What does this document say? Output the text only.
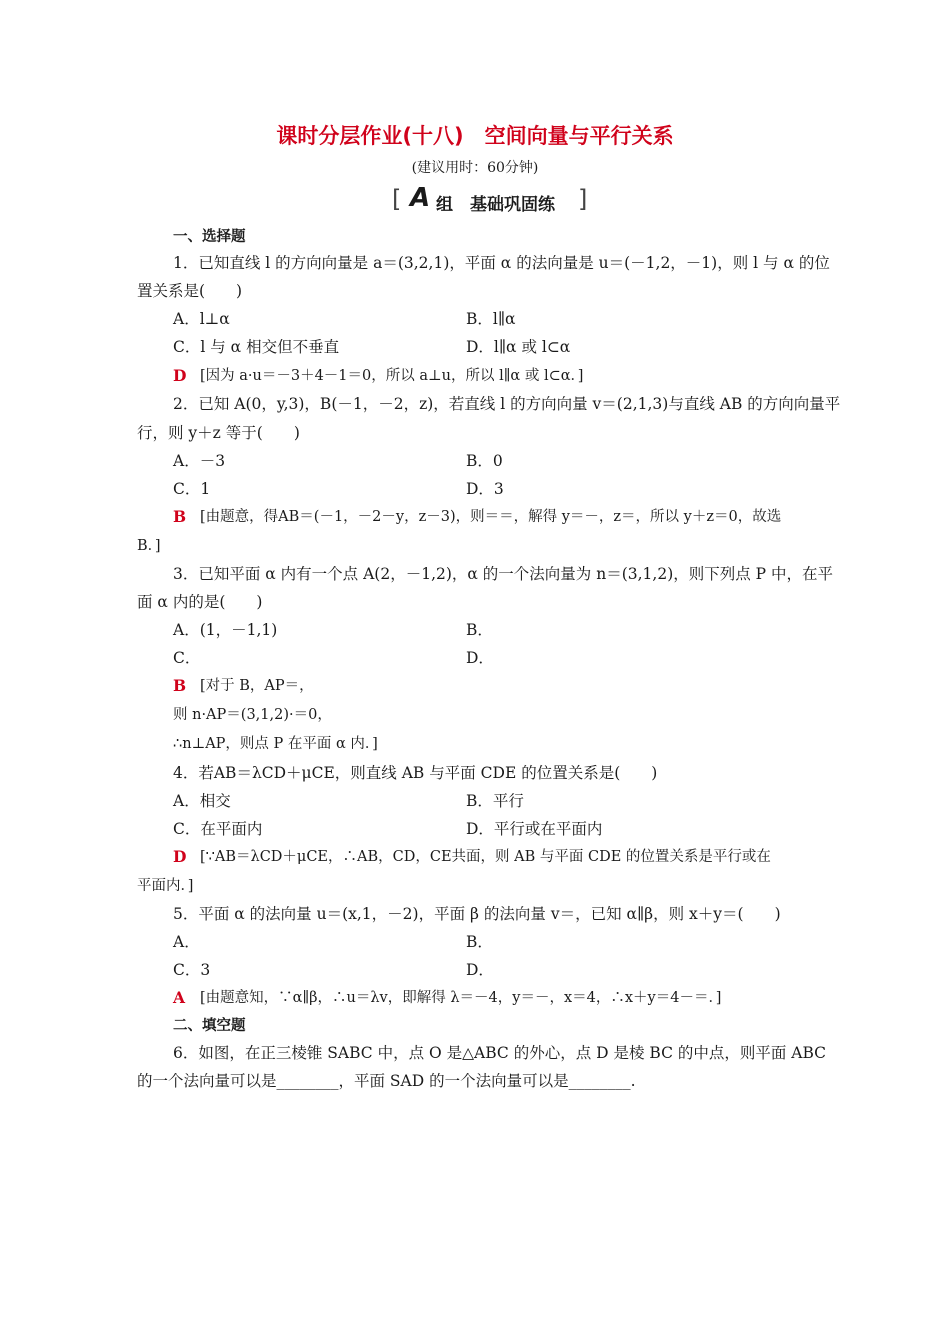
课时分层作业(十八)　空间向量与平行关系
(建议用时：60分钟)
[ A 组　基础巩固练 ]
一、选择题
1．已知直线 l 的方向向量是 a＝(3,2,1)，平面 α 的法向量是 u＝(－1,2，－1)，则 l 与 α 的位
置关系是(　　)
A．l⊥α	B．l∥α
C．l 与 α 相交但不垂直	D．l∥α 或 l⊂α
D [因为 a·u＝－3＋4－1＝0，所以 a⊥u，所以 l∥α 或 l⊂α．]
2．已知 A(0，y,3)，B(－1，－2，z)，若直线 l 的方向向量 v＝(2,1,3)与直线 AB 的方向向量平
行，则 y＋z 等于(　　)
A．－3	B．0
C．1	D．3
B [由题意，得AB＝(－1，－2－y，z－3)，则＝＝，解得 y＝－，z＝，所以 y＋z＝0，故选
B．]
3．已知平面 α 内有一个点 A(2，－1,2)，α 的一个法向量为 n＝(3,1,2)，则下列点 P 中，在平
面 α 内的是(　　)
A．(1，－1,1)	B．
C．	D．
B [对于 B，AP＝，
则 n·AP＝(3,1,2)·＝0，
∴n⊥AP，则点 P 在平面 α 内．]
4．若AB＝λCD＋μCE，则直线 AB 与平面 CDE 的位置关系是(　　)
A．相交	B．平行
C．在平面内	D．平行或在平面内
D [∵AB＝λCD＋μCE，∴AB，CD，CE共面，则 AB 与平面 CDE 的位置关系是平行或在
平面内．]
5．平面 α 的法向量 u＝(x,1，－2)，平面 β 的法向量 v＝，已知 α∥β，则 x＋y＝(　　)
A．	B．
C．3	D．
A [由题意知，∵α∥β，∴u＝λv，即解得 λ＝－4，y＝－，x＝4，∴x＋y＝4－＝．]
二、填空题
6．如图，在正三棱锥 SABC 中，点 O 是△ABC 的外心，点 D 是棱 BC 的中点，则平面 ABC
的一个法向量可以是________，平面 SAD 的一个法向量可以是________.
